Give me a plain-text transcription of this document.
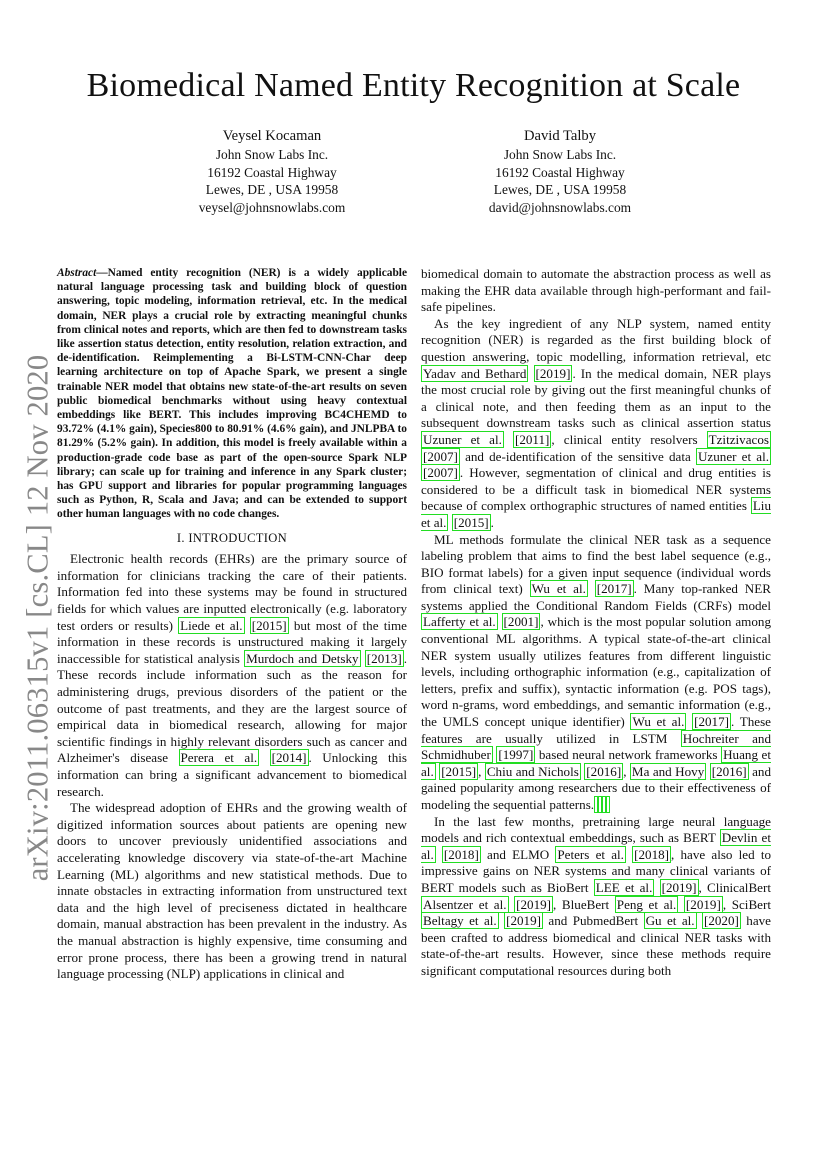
arXiv:2011.06315v1 [cs.CL] 12 Nov 2020
Biomedical Named Entity Recognition at Scale
Veysel Kocaman
John Snow Labs Inc.
16192 Coastal Highway
Lewes, DE , USA 19958
veysel@johnsnowlabs.com
David Talby
John Snow Labs Inc.
16192 Coastal Highway
Lewes, DE , USA 19958
david@johnsnowlabs.com
Abstract—Named entity recognition (NER) is a widely applicable natural language processing task and building block of question answering, topic modeling, information retrieval, etc. In the medical domain, NER plays a crucial role by extracting meaningful chunks from clinical notes and reports, which are then fed to downstream tasks like assertion status detection, entity resolution, relation extraction, and de-identification. Reimplementing a Bi-LSTM-CNN-Char deep learning architecture on top of Apache Spark, we present a single trainable NER model that obtains new state-of-the-art results on seven public biomedical benchmarks without using heavy contextual embeddings like BERT. This includes improving BC4CHEMD to 93.72% (4.1% gain), Species800 to 80.91% (4.6% gain), and JNLPBA to 81.29% (5.2% gain). In addition, this model is freely available within a production-grade code base as part of the open-source Spark NLP library; can scale up for training and inference in any Spark cluster; has GPU support and libraries for popular programming languages such as Python, R, Scala and Java; and can be extended to support other human languages with no code changes.
I. INTRODUCTION

Electronic health records (EHRs) are the primary source of information for clinicians tracking the care of their patients. Information fed into these systems may be found in structured fields for which values are inputted electronically (e.g. laboratory test orders or results) Liede et al. [2015] but most of the time information in these records is unstructured making it largely inaccessible for statistical analysis Murdoch and Detsky [2013] . These records include information such as the reason for administering drugs, previous disorders of the patient or the outcome of past treatments, and they are the largest source of empirical data in biomedical research, allowing for major scientific findings in highly relevant disorders such as cancer and Alzheimer's disease Perera et al. [2014] . Unlocking this information can bring a significant advancement to biomedical research.

The widespread adoption of EHRs and the growing wealth of digitized information sources about patients are opening new doors to uncover previously unidentified associations and accelerating knowledge discovery via state-of-the-art Machine Learning (ML) algorithms and new statistical methods. Due to innate obstacles in extracting information from unstructured text data and the high level of preciseness dictated in healthcare domain, manual abstraction has been prevalent in the industry. As the manual abstraction is highly expensive, time consuming and error prone process, there has been a growing trend in natural language processing (NLP) applications in clinical and

biomedical domain to automate the abstraction process as well as making the EHR data available through high-performant and fail-safe pipelines.

As the key ingredient of any NLP system, named entity recognition (NER) is regarded as the first building block of question answering, topic modelling, information retrieval, etc Yadav and Bethard [2019] . In the medical domain, NER plays the most crucial role by giving out the first meaningful chunks of a clinical note, and then feeding them as an input to the subsequent downstream tasks such as clinical assertion status Uzuner et al. [2011] , clinical entity resolvers Tzitzivacos [2007] and de-identification of the sensitive data Uzuner et al. [2007] . However, segmentation of clinical and drug entities is considered to be a difficult task in biomedical NER systems because of complex orthographic structures of named entities Liu et al. [2015] .

ML methods formulate the clinical NER task as a sequence labeling problem that aims to find the best label sequence (e.g., BIO format labels) for a given input sequence (individual words from clinical text) Wu et al. [2017] . Many top-ranked NER systems applied the Conditional Random Fields (CRFs) model Lafferty et al. [2001] , which is the most popular solution among conventional ML algorithms. A typical state-of-the-art clinical NER system usually utilizes features from different linguistic levels, including orthographic information (e.g., capitalization of letters, prefix and suffix), syntactic information (e.g. POS tags), word n-grams, word embeddings, and semantic information (e.g., the UMLS concept unique identifier) Wu et al. [2017] . These features are usually utilized in LSTM Hochreiter and Schmidhuber [1997] based neural network frameworks Huang et al. [2015] , Chiu and Nichols [2016] , Ma and Hovy [2016] and gained popularity among researchers due to their effectiveness of modeling the sequential patterns.

In the last few months, pretraining large neural language models and rich contextual embeddings, such as BERT Devlin et al. [2018] and ELMO Peters et al. [2018] , have also led to impressive gains on NER systems and many clinical variants of BERT models such as BioBert LEE et al. [2019] , ClinicalBert Alsentzer et al. [2019] , BlueBert Peng et al. [2019] , SciBert Beltagy et al. [2019] and PubmedBert Gu et al. [2020] have been crafted to address biomedical and clinical NER tasks with state-of-the-art results. However, since these methods require significant computational resources during both
